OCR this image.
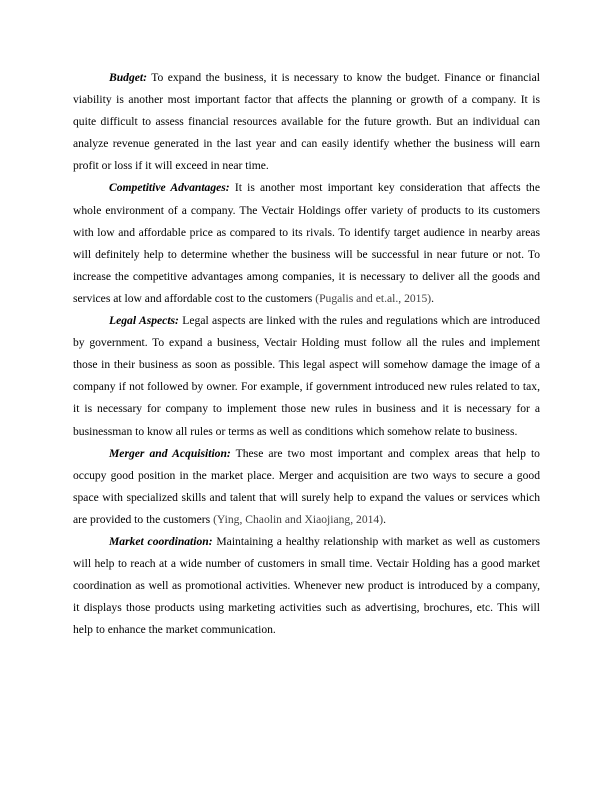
Budget: To expand the business, it is necessary to know the budget. Finance or financial viability is another most important factor that affects the planning or growth of a company. It is quite difficult to assess financial resources available for the future growth. But an individual can analyze revenue generated in the last year and can easily identify whether the business will earn profit or loss if it will exceed in near time.

Competitive Advantages: It is another most important key consideration that affects the whole environment of a company. The Vectair Holdings offer variety of products to its customers with low and affordable price as compared to its rivals. To identify target audience in nearby areas will definitely help to determine whether the business will be successful in near future or not. To increase the competitive advantages among companies, it is necessary to deliver all the goods and services at low and affordable cost to the customers (Pugalis and et.al., 2015).

Legal Aspects: Legal aspects are linked with the rules and regulations which are introduced by government. To expand a business, Vectair Holding must follow all the rules and implement those in their business as soon as possible. This legal aspect will somehow damage the image of a company if not followed by owner. For example, if government introduced new rules related to tax, it is necessary for company to implement those new rules in business and it is necessary for a businessman to know all rules or terms as well as conditions which somehow relate to business.

Merger and Acquisition: These are two most important and complex areas that help to occupy good position in the market place. Merger and acquisition are two ways to secure a good space with specialized skills and talent that will surely help to expand the values or services which are provided to the customers (Ying, Chaolin and Xiaojiang, 2014).

Market coordination: Maintaining a healthy relationship with market as well as customers will help to reach at a wide number of customers in small time. Vectair Holding has a good market coordination as well as promotional activities. Whenever new product is introduced by a company, it displays those products using marketing activities such as advertising, brochures, etc. This will help to enhance the market communication.
